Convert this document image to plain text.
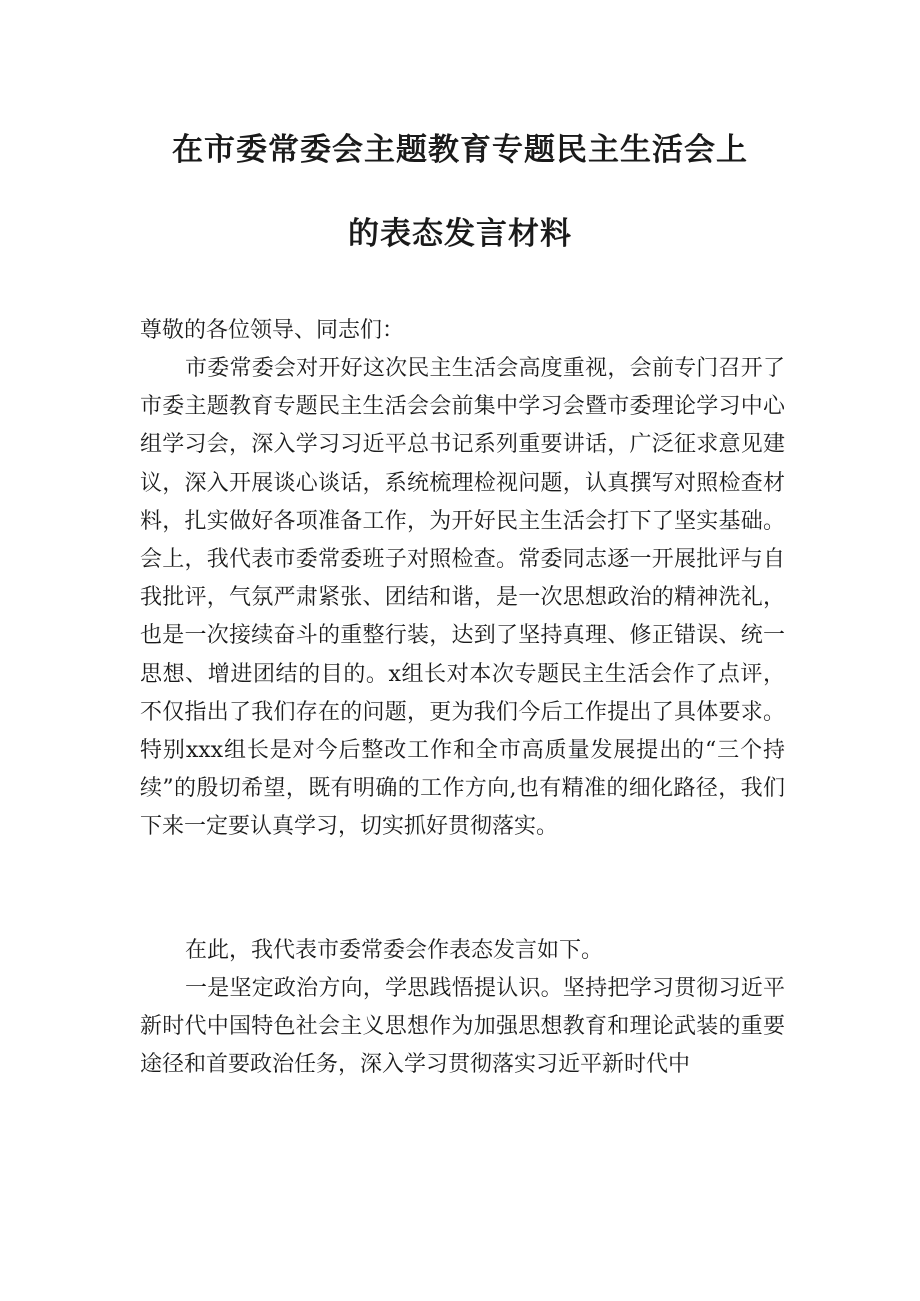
在市委常委会主题教育专题民主生活会上
的表态发言材料

尊敬的各位领导、同志们：

市委常委会对开好这次民主生活会高度重视，会前专门召开了市委主题教育专题民主生活会会前集中学习会暨市委理论学习中心组学习会，深入学习习近平总书记系列重要讲话，广泛征求意见建议，深入开展谈心谈话，系统梳理检视问题，认真撰写对照检查材料，扎实做好各项准备工作，为开好民主生活会打下了坚实基础。会上，我代表市委常委班子对照检查。常委同志逐一开展批评与自我批评，气氛严肃紧张、团结和谐，是一次思想政治的精神洗礼，也是一次接续奋斗的重整行装，达到了坚持真理、修正错误、统一思想、增进团结的目的。x组长对本次专题民主生活会作了点评，不仅指出了我们存在的问题，更为我们今后工作提出了具体要求。特别xxx组长是对今后整改工作和全市高质量发展提出的“三个持续”的殷切希望，既有明确的工作方向,也有精准的细化路径，我们下来一定要认真学习，切实抓好贯彻落实。

在此，我代表市委常委会作表态发言如下。

一是坚定政治方向，学思践悟提认识。坚持把学习贯彻习近平新时代中国特色社会主义思想作为加强思想教育和理论武装的重要途径和首要政治任务，深入学习贯彻落实习近平新时代中
